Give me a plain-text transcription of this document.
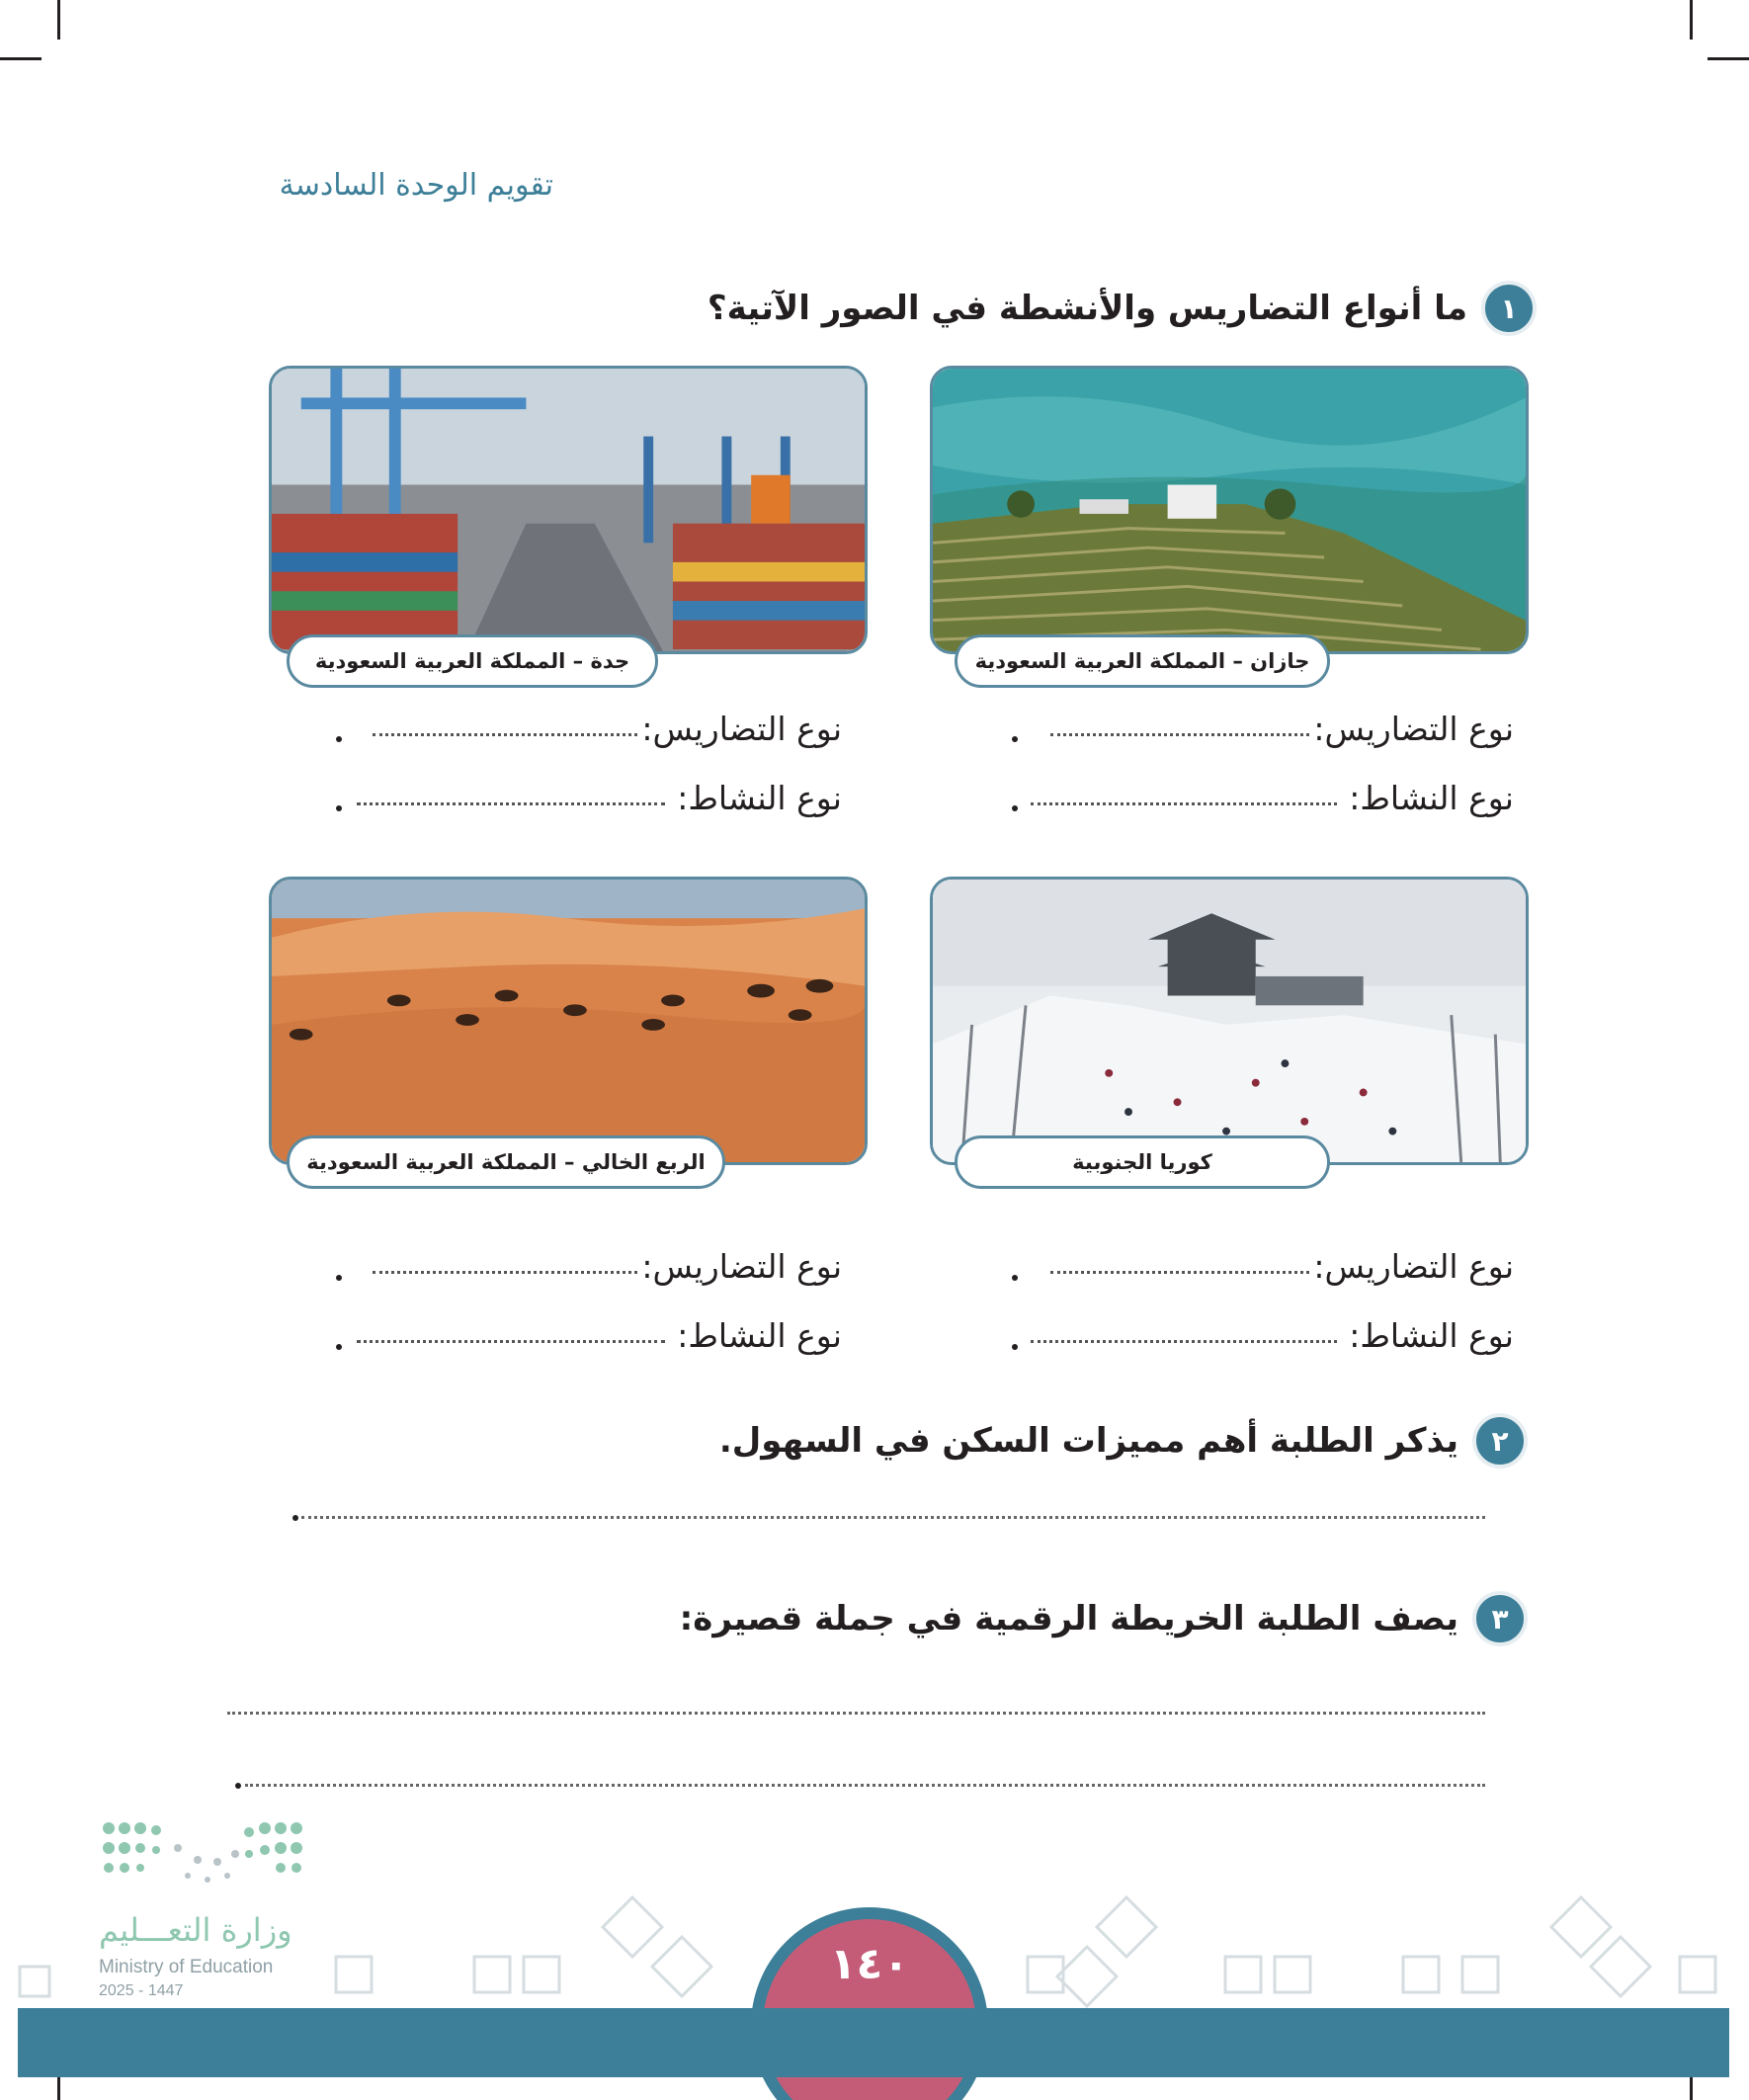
تقويم الوحدة السادسة
١
ما أنواع التضاريس والأنشطة في الصور الآتية؟
جازان – المملكة العربية السعودية
جدة – المملكة العربية السعودية
نوع التضاريس:
نوع النشاط:
نوع التضاريس:
نوع النشاط:
كوريا الجنوبية
الربع الخالي – المملكة العربية السعودية
نوع التضاريس:
نوع النشاط:
نوع التضاريس:
نوع النشاط:
٢
يذكر الطلبة أهم مميزات السكن في السهول.
٣
يصف الطلبة الخريطة الرقمية في جملة قصيرة:
وزارة التعـــليم
Ministry of Education
2025 - 1447
١٤٠
